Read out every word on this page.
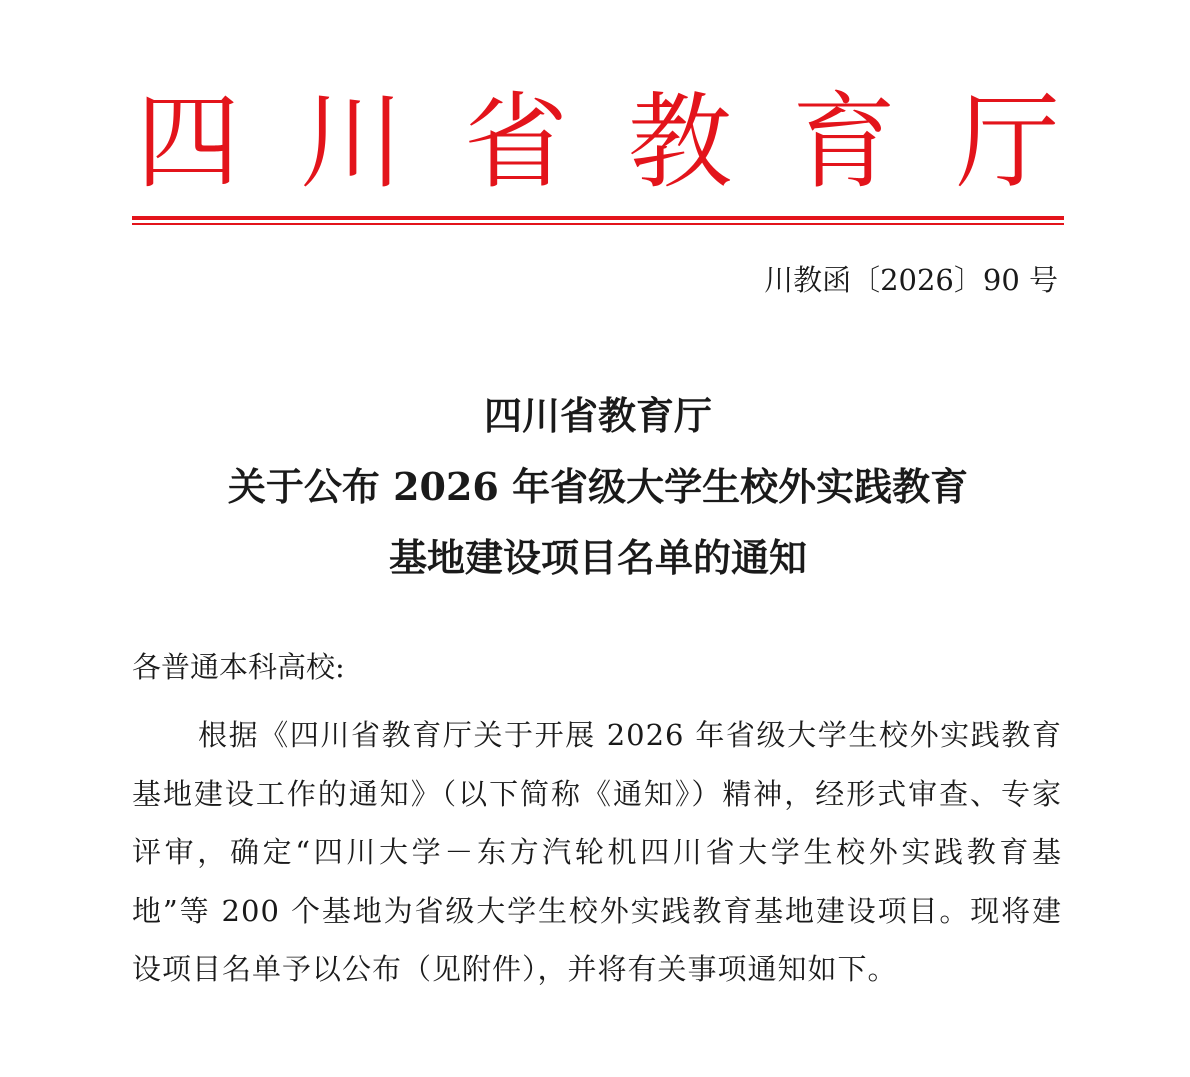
四 川 省 教 育 厅
川教函〔2026〕90 号
四川省教育厅
关于公布 2026 年省级大学生校外实践教育
基地建设项目名单的通知
各普通本科高校:
根据《四川省教育厅关于开展 2026 年省级大学生校外实践教育基地建设工作的通知》（以下简称《通知》）精神，经形式审查、专家评审，确定“四川大学－东方汽轮机四川省大学生校外实践教育基地”等 200 个基地为省级大学生校外实践教育基地建设项目。现将建设项目名单予以公布（见附件），并将有关事项通知如下。
